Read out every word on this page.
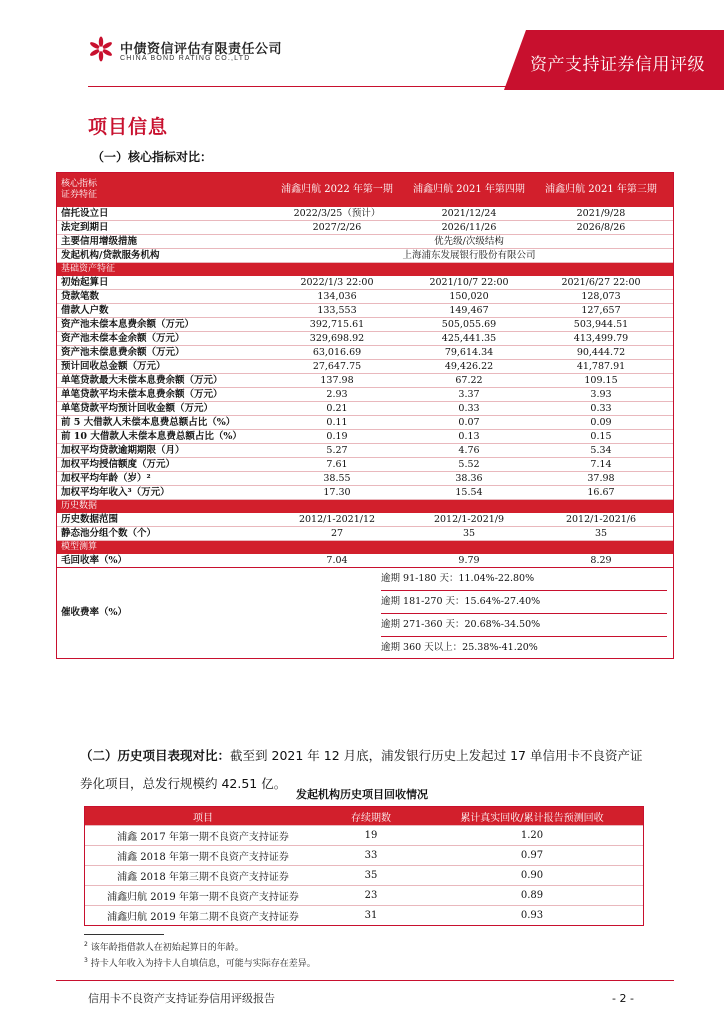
中债资信评估有限责任公司
CHINA BOND RATING CO.,LTD	资产支持证券信用评级
项目信息
（一）核心指标对比：
核心指标
证券特征	浦鑫归航 2022 年第一期	浦鑫归航 2021 年第四期	浦鑫归航 2021 年第三期
信托设立日	2022/3/25（预计）	2021/12/24	2021/9/28
法定到期日	2027/2/26	2026/11/26	2026/8/26
主要信用增级措施	优先级/次级结构
发起机构/贷款服务机构	上海浦东发展银行股份有限公司
基础资产特征
初始起算日	2022/1/3 22:00	2021/10/7 22:00	2021/6/27 22:00
贷款笔数	134,036	150,020	128,073
借款人户数	133,553	149,467	127,657
资产池未偿本息费余额（万元）	392,715.61	505,055.69	503,944.51
资产池未偿本金余额（万元）	329,698.92	425,441.35	413,499.79
资产池未偿息费余额（万元）	63,016.69	79,614.34	90,444.72
预计回收总金额（万元）	27,647.75	49,426.22	41,787.91
单笔贷款最大未偿本息费余额（万元）	137.98	67.22	109.15
单笔贷款平均未偿本息费余额（万元）	2.93	3.37	3.93
单笔贷款平均预计回收金额（万元）	0.21	0.33	0.33
前 5 大借款人未偿本息费总额占比（%）	0.11	0.07	0.09
前 10 大借款人未偿本息费总额占比（%）	0.19	0.13	0.15
加权平均贷款逾期期限（月）	5.27	4.76	5.34
加权平均授信额度（万元）	7.61	5.52	7.14
加权平均年龄（岁）²	38.55	38.36	37.98
加权平均年收入³（万元）	17.30	15.54	16.67
历史数据
历史数据范围	2012/1-2021/12	2012/1-2021/9	2012/1-2021/6
静态池分组个数（个）	27	35	35
模型测算
毛回收率（%）	7.04	9.79	8.29
催收费率（%）
逾期 91-180 天：11.04%-22.80%
逾期 181-270 天：15.64%-27.40%
逾期 271-360 天：20.68%-34.50%
逾期 360 天以上：25.38%-41.20%
（二）历史项目表现对比：截至到 2021 年 12 月底，浦发银行历史上发起过 17 单信用卡不良资产证
券化项目，总发行规模约 42.51 亿。
发起机构历史项目回收情况
项目	存续期数	累计真实回收/累计报告预测回收
浦鑫 2017 年第一期不良资产支持证券	19	1.20
浦鑫 2018 年第一期不良资产支持证券	33	0.97
浦鑫 2018 年第三期不良资产支持证券	35	0.90
浦鑫归航 2019 年第一期不良资产支持证券	23	0.89
浦鑫归航 2019 年第二期不良资产支持证券	31	0.93
$^2$ 该年龄指借款人在初始起算日的年龄。
$^3$ 持卡人年收入为持卡人自填信息，可能与实际存在差异。
信用卡不良资产支持证券信用评级报告	- 2 -
